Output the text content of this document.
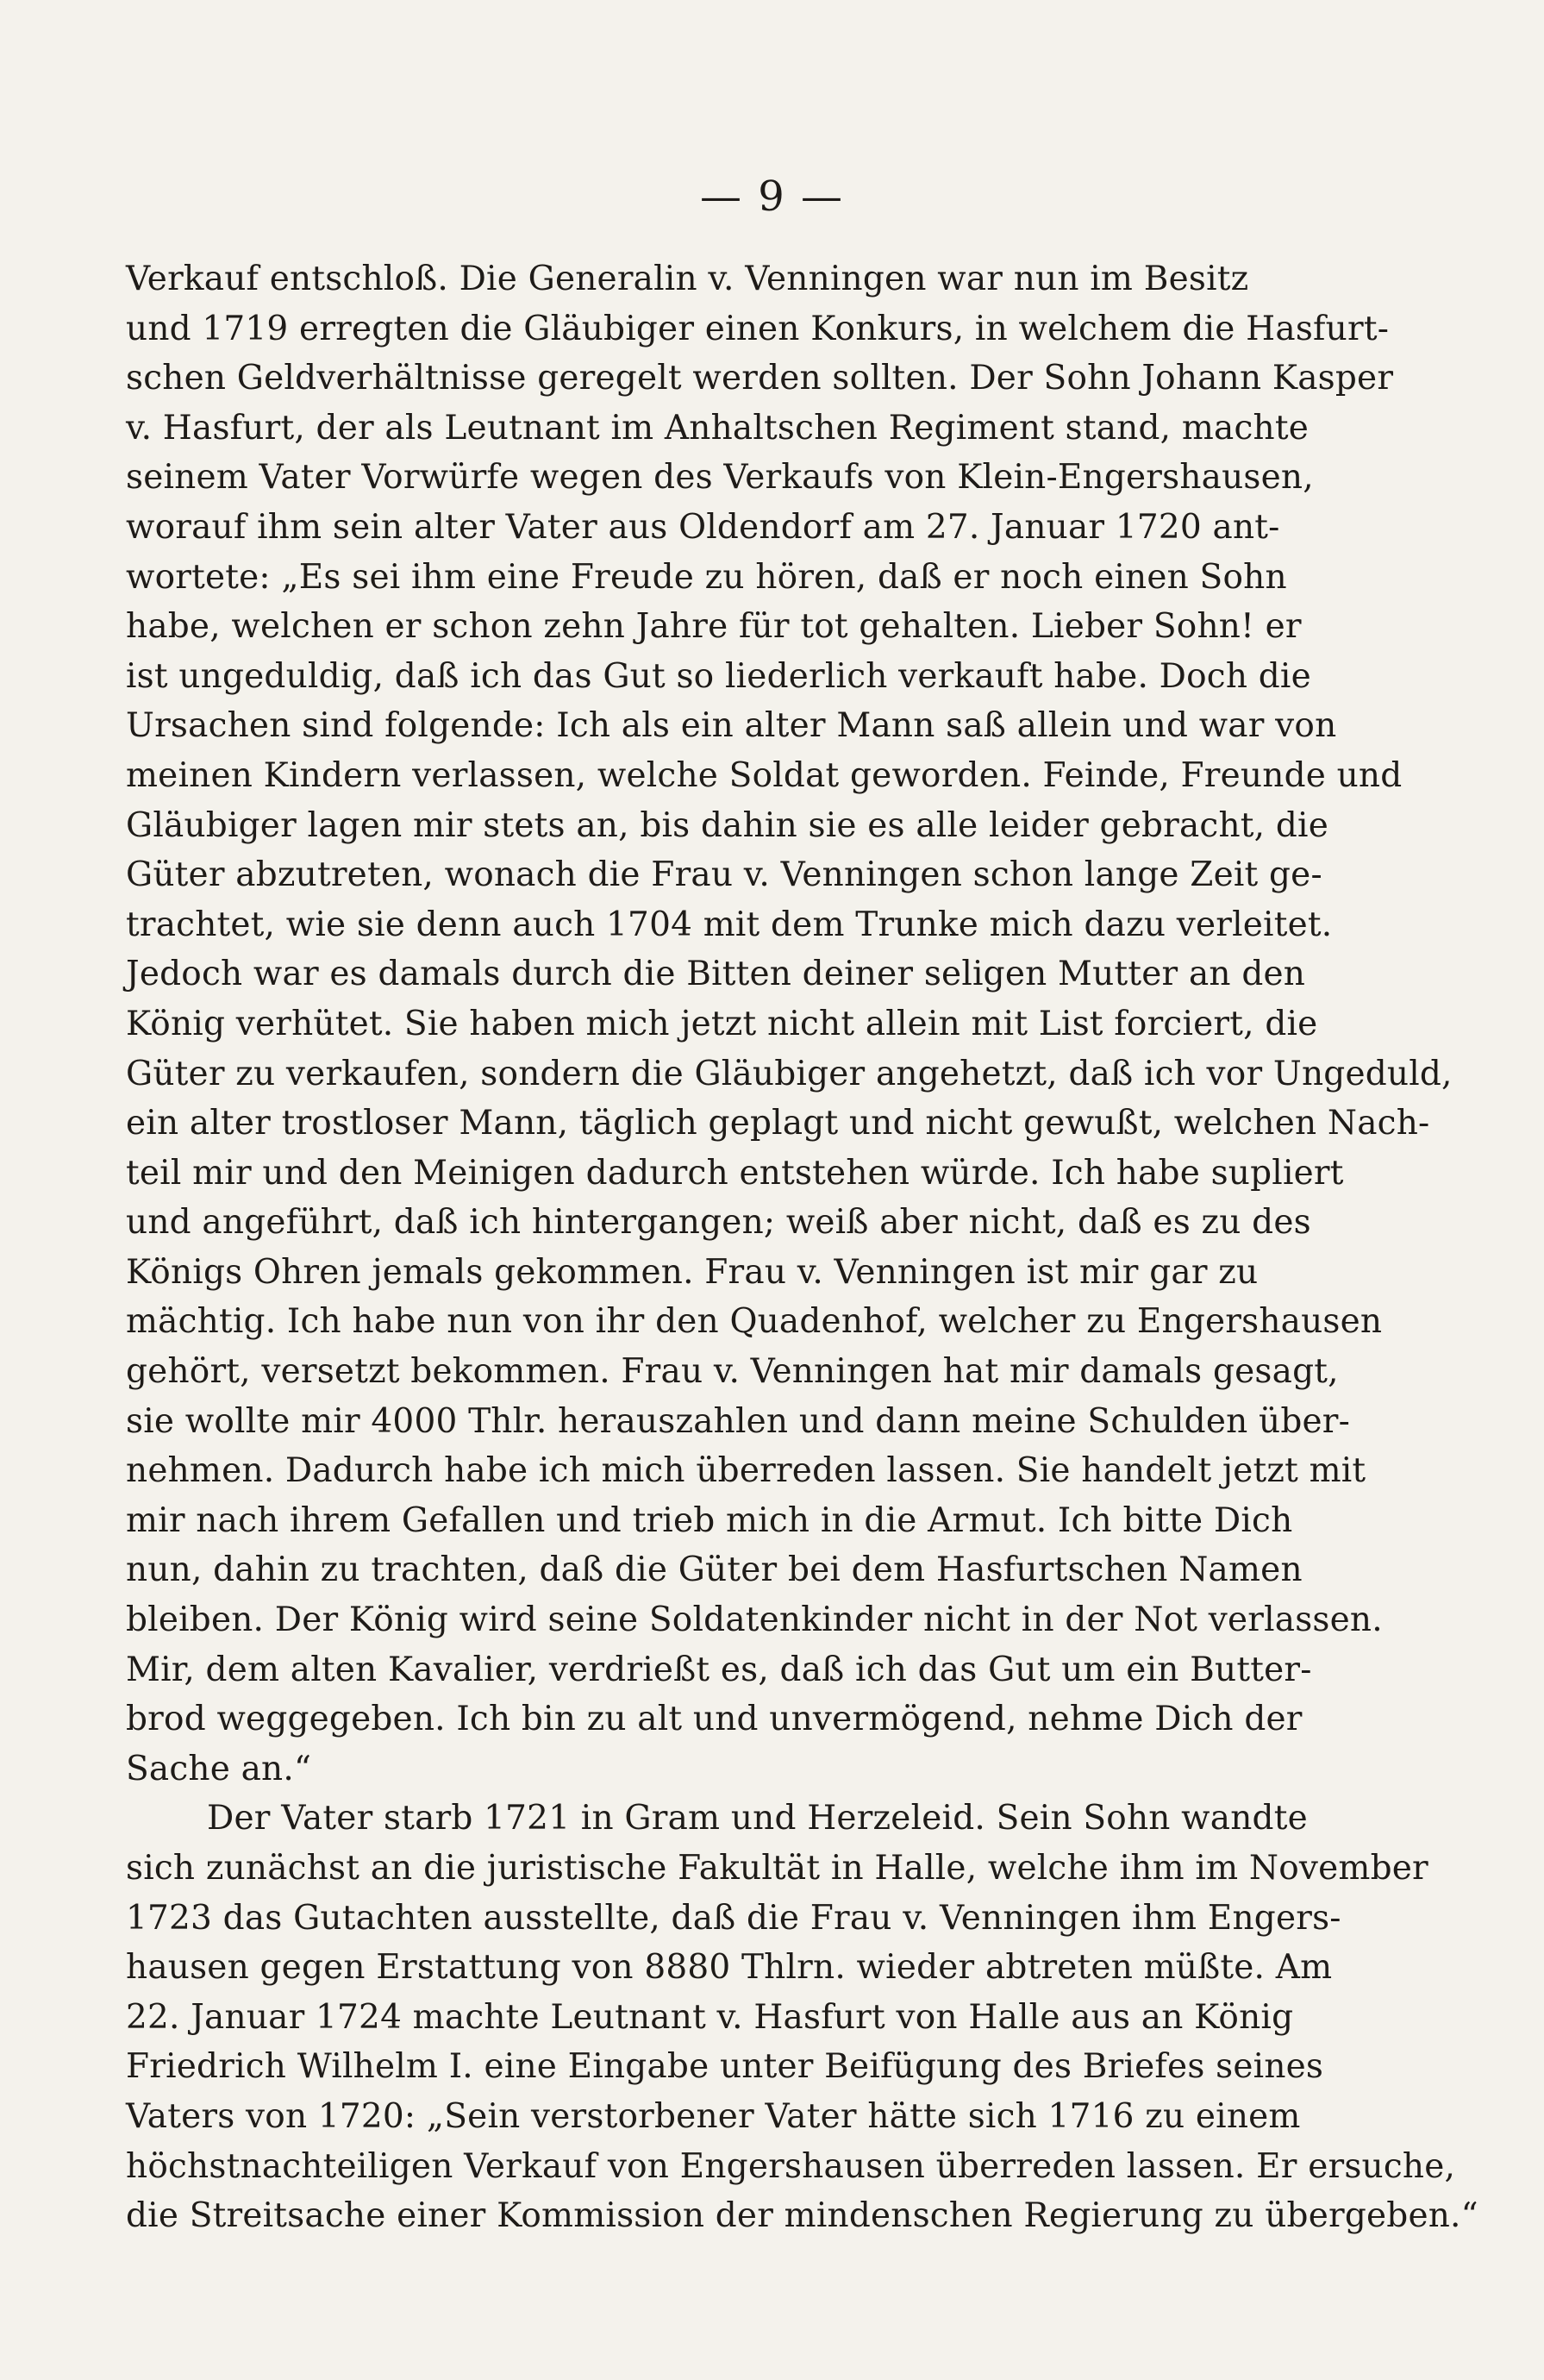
— 9 —

Verkauf entschloß. Die Generalin v. Venningen war nun im Besitz

und 1719 erregten die Gläubiger einen Konkurs, in welchem die Hasfurt-

schen Geldverhältnisse geregelt werden sollten. Der Sohn Johann Kasper

v. Hasfurt, der als Leutnant im Anhaltschen Regiment stand, machte

seinem Vater Vorwürfe wegen des Verkaufs von Klein-Engershausen,

worauf ihm sein alter Vater aus Oldendorf am 27. Januar 1720 ant-

wortete: „Es sei ihm eine Freude zu hören, daß er noch einen Sohn

habe, welchen er schon zehn Jahre für tot gehalten. Lieber Sohn! er

ist ungeduldig, daß ich das Gut so liederlich verkauft habe. Doch die

Ursachen sind folgende: Ich als ein alter Mann saß allein und war von

meinen Kindern verlassen, welche Soldat geworden. Feinde, Freunde und

Gläubiger lagen mir stets an, bis dahin sie es alle leider gebracht, die

Güter abzutreten, wonach die Frau v. Venningen schon lange Zeit ge-

trachtet, wie sie denn auch 1704 mit dem Trunke mich dazu verleitet.

Jedoch war es damals durch die Bitten deiner seligen Mutter an den

König verhütet. Sie haben mich jetzt nicht allein mit List forciert, die

Güter zu verkaufen, sondern die Gläubiger angehetzt, daß ich vor Ungeduld,

ein alter trostloser Mann, täglich geplagt und nicht gewußt, welchen Nach-

teil mir und den Meinigen dadurch entstehen würde. Ich habe supliert

und angeführt, daß ich hintergangen; weiß aber nicht, daß es zu des

Königs Ohren jemals gekommen. Frau v. Venningen ist mir gar zu

mächtig. Ich habe nun von ihr den Quadenhof, welcher zu Engershausen

gehört, versetzt bekommen. Frau v. Venningen hat mir damals gesagt,

sie wollte mir 4000 Thlr. herauszahlen und dann meine Schulden über-

nehmen. Dadurch habe ich mich überreden lassen. Sie handelt jetzt mit

mir nach ihrem Gefallen und trieb mich in die Armut. Ich bitte Dich

nun, dahin zu trachten, daß die Güter bei dem Hasfurtschen Namen

bleiben. Der König wird seine Soldatenkinder nicht in der Not verlassen.

Mir, dem alten Kavalier, verdrießt es, daß ich das Gut um ein Butter-

brod weggegeben. Ich bin zu alt und unvermögend, nehme Dich der

Sache an.“

Der Vater starb 1721 in Gram und Herzeleid. Sein Sohn wandte

sich zunächst an die juristische Fakultät in Halle, welche ihm im November

1723 das Gutachten ausstellte, daß die Frau v. Venningen ihm Engers-

hausen gegen Erstattung von 8880 Thlrn. wieder abtreten müßte. Am

22. Januar 1724 machte Leutnant v. Hasfurt von Halle aus an König

Friedrich Wilhelm I. eine Eingabe unter Beifügung des Briefes seines

Vaters von 1720: „Sein verstorbener Vater hätte sich 1716 zu einem

höchstnachteiligen Verkauf von Engershausen überreden lassen. Er ersuche,

die Streitsache einer Kommission der mindenschen Regierung zu übergeben.“
